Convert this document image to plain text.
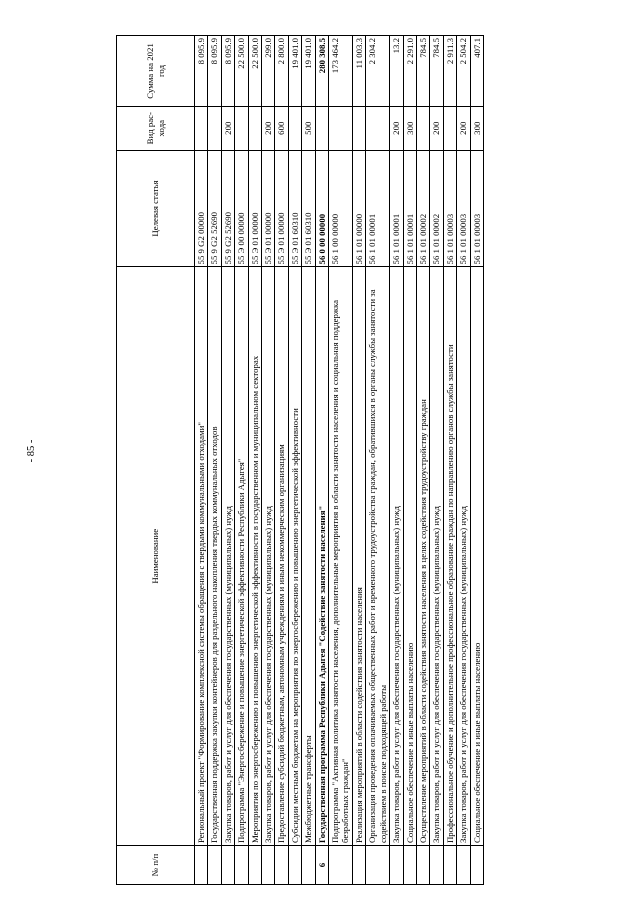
- 85 -
№ п/п	Наименование	Целевая статья	Вид рас-хода	Сумма на 2021 год
	Региональный проект "Формирование комплексной системы обращения с твердыми коммунальными отходами"	55 9 G2 00000		8 095.9
	Государственная поддержка закупки контейнеров для раздельного накопления твердых коммунальных отходов	55 9 G2 52690		8 095.9
	Закупка товаров, работ и услуг для обеспечения государственных (муниципальных) нужд	55 9 G2 52690	200	8 095.9
	Подпрограмма "Энергосбережение и повышение энергетической эффективности Республики Адыгея"	55 Э 00 00000		22 500.0
	Мероприятия по энергосбережению и повышению энергетической эффективности в государственном и муниципальном секторах	55 Э 01 00000		22 500.0
	Закупка товаров, работ и услуг для обеспечения государственных (муниципальных) нужд	55 Э 01 00000	200	299.0
	Предоставление субсидий бюджетным, автономным учреждениям и иным некоммерческим организациям	55 Э 01 00000	600	2 800.0
	Субсидии местным бюджетам на мероприятия по энергосбережению и повышению энергетической эффективности	55 Э 01 60310		19 401.0
	Межбюджетные трансферты	55 Э 01 60310	500	19 401.0
6	Государственная программа Республики Адыгея "Содействие занятости населения"	56 0 00 00000		280 308.5
	Подпрограмма "Активная политика занятости населения, дополнительные мероприятия в области занятости населения и социальная поддержка безработных граждан"	56 1 00 00000		173 464.2
	Реализация мероприятий в области содействия занятости населения	56 1 01 00000		11 003.3
	Организация проведения оплачиваемых общественных работ и временного трудоустройства граждан, обратившихся в органы службы занятости за содействием в поиске подходящей работы	56 1 01 00001		2 304.2
	Закупка товаров, работ и услуг для обеспечения государственных (муниципальных) нужд	56 1 01 00001	200	13.2
	Социальное обеспечение и иные выплаты населению	56 1 01 00001	300	2 291.0
	Осуществление мероприятий в области содействия занятости населения в целях содействия трудоустройству граждан	56 1 01 00002		784.5
	Закупка товаров, работ и услуг для обеспечения государственных (муниципальных) нужд	56 1 01 00002	200	784.5
	Профессиональное обучение и дополнительное профессиональное образование граждан по направлению органов службы занятости	56 1 01 00003		2 911.3
	Закупка товаров, работ и услуг для обеспечения государственных (муниципальных) нужд	56 1 01 00003	200	2 504.2
	Социальное обеспечение и иные выплаты населению	56 1 01 00003	300	407.1
